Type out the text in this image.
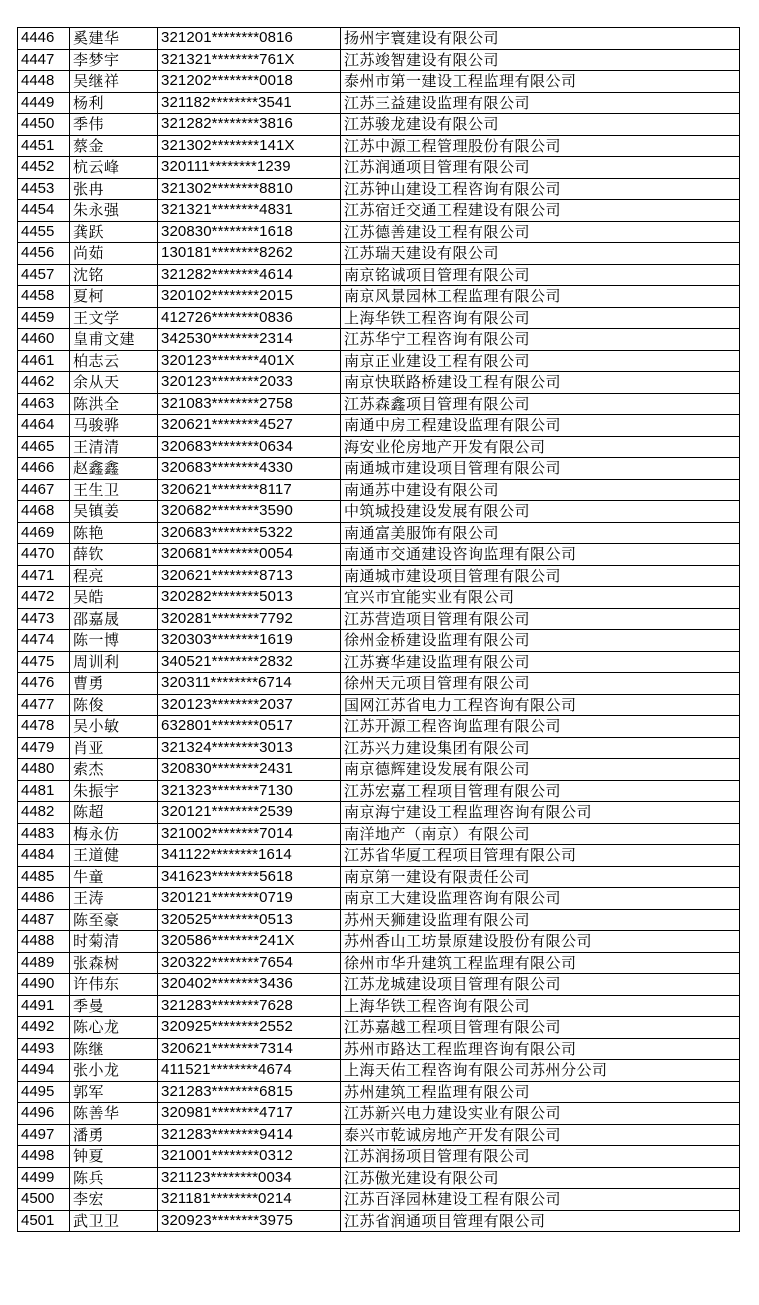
4446	奚建华	321201********0816	扬州宇寰建设有限公司
4447	李梦宇	321321********761X	江苏竣智建设有限公司
4448	吴继祥	321202********0018	泰州市第一建设工程监理有限公司
4449	杨利	321182********3541	江苏三益建设监理有限公司
4450	季伟	321282********3816	江苏骏龙建设有限公司
4451	蔡金	321302********141X	江苏中源工程管理股份有限公司
4452	杭云峰	320111********1239	江苏润通项目管理有限公司
4453	张冉	321302********8810	江苏钟山建设工程咨询有限公司
4454	朱永强	321321********4831	江苏宿迁交通工程建设有限公司
4455	龚跃	320830********1618	江苏德善建设工程有限公司
4456	尚茹	130181********8262	江苏瑞天建设有限公司
4457	沈铭	321282********4614	南京铭诚项目管理有限公司
4458	夏柯	320102********2015	南京风景园林工程监理有限公司
4459	王文学	412726********0836	上海华铁工程咨询有限公司
4460	皇甫文建	342530********2314	江苏华宁工程咨询有限公司
4461	柏志云	320123********401X	南京正业建设工程有限公司
4462	余从天	320123********2033	南京快联路桥建设工程有限公司
4463	陈洪全	321083********2758	江苏森鑫项目管理有限公司
4464	马骏骅	320621********4527	南通中房工程建设监理有限公司
4465	王清清	320683********0634	海安业伦房地产开发有限公司
4466	赵鑫鑫	320683********4330	南通城市建设项目管理有限公司
4467	王生卫	320621********8117	南通苏中建设有限公司
4468	吴镇姜	320682********3590	中筑城投建设发展有限公司
4469	陈艳	320683********5322	南通富美服饰有限公司
4470	薛钦	320681********0054	南通市交通建设咨询监理有限公司
4471	程亮	320621********8713	南通城市建设项目管理有限公司
4472	吴皓	320282********5013	宜兴市宜能实业有限公司
4473	邵嘉晟	320281********7792	江苏营造项目管理有限公司
4474	陈一博	320303********1619	徐州金桥建设监理有限公司
4475	周训利	340521********2832	江苏赛华建设监理有限公司
4476	曹勇	320311********6714	徐州天元项目管理有限公司
4477	陈俊	320123********2037	国网江苏省电力工程咨询有限公司
4478	吴小敏	632801********0517	江苏开源工程咨询监理有限公司
4479	肖亚	321324********3013	江苏兴力建设集团有限公司
4480	索杰	320830********2431	南京德辉建设发展有限公司
4481	朱振宇	321323********7130	江苏宏嘉工程项目管理有限公司
4482	陈超	320121********2539	南京海宁建设工程监理咨询有限公司
4483	梅永仿	321002********7014	南洋地产（南京）有限公司
4484	王道健	341122********1614	江苏省华厦工程项目管理有限公司
4485	牛童	341623********5618	南京第一建设有限责任公司
4486	王涛	320121********0719	南京工大建设监理咨询有限公司
4487	陈至豪	320525********0513	苏州天狮建设监理有限公司
4488	时菊清	320586********241X	苏州香山工坊景原建设股份有限公司
4489	张森树	320322********7654	徐州市华升建筑工程监理有限公司
4490	许伟东	320402********3436	江苏龙城建设项目管理有限公司
4491	季曼	321283********7628	上海华铁工程咨询有限公司
4492	陈心龙	320925********2552	江苏嘉越工程项目管理有限公司
4493	陈继	320621********7314	苏州市路达工程监理咨询有限公司
4494	张小龙	411521********4674	上海天佑工程咨询有限公司苏州分公司
4495	郭军	321283********6815	苏州建筑工程监理有限公司
4496	陈善华	320981********4717	江苏新兴电力建设实业有限公司
4497	潘勇	321283********9414	泰兴市乾诚房地产开发有限公司
4498	钟夏	321001********0312	江苏润扬项目管理有限公司
4499	陈兵	321123********0034	江苏傲光建设有限公司
4500	李宏	321181********0214	江苏百泽园林建设工程有限公司
4501	武卫卫	320923********3975	江苏省润通项目管理有限公司
